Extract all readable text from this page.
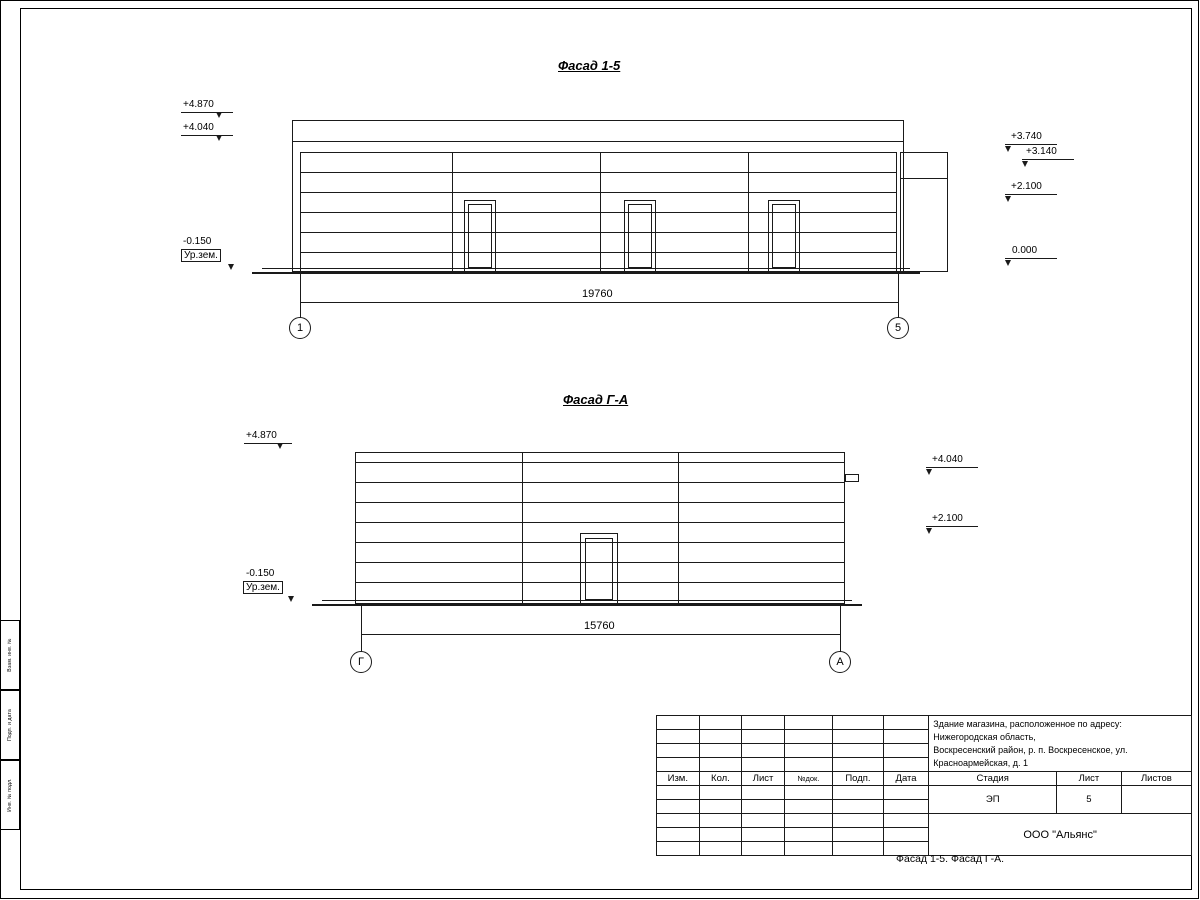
Взам. инв. №
Подп. и дата
Инв. № подл.
Фасад 1-5
+4.870
+4.040
-0.150
Ур.зем.
+3.740
+3.140
+2.100
0.000
19760
1	5
Фасад Г-А
+4.870
-0.150
Ур.зем.
+4.040
+2.100
15760
Г	А
						Здание магазина, расположенное по адресу: Нижегородская область,
Воскресенский район, р. п. Воскресенское, ул. Красноармейская, д. 1		

Изм.	Кол.	Лист	№док.	Подп.	Дата	Стадия	Лист	Листов
						ЭП	5	

						ООО "Альянс"		

Фасад 1-5. Фасад Г-А.
